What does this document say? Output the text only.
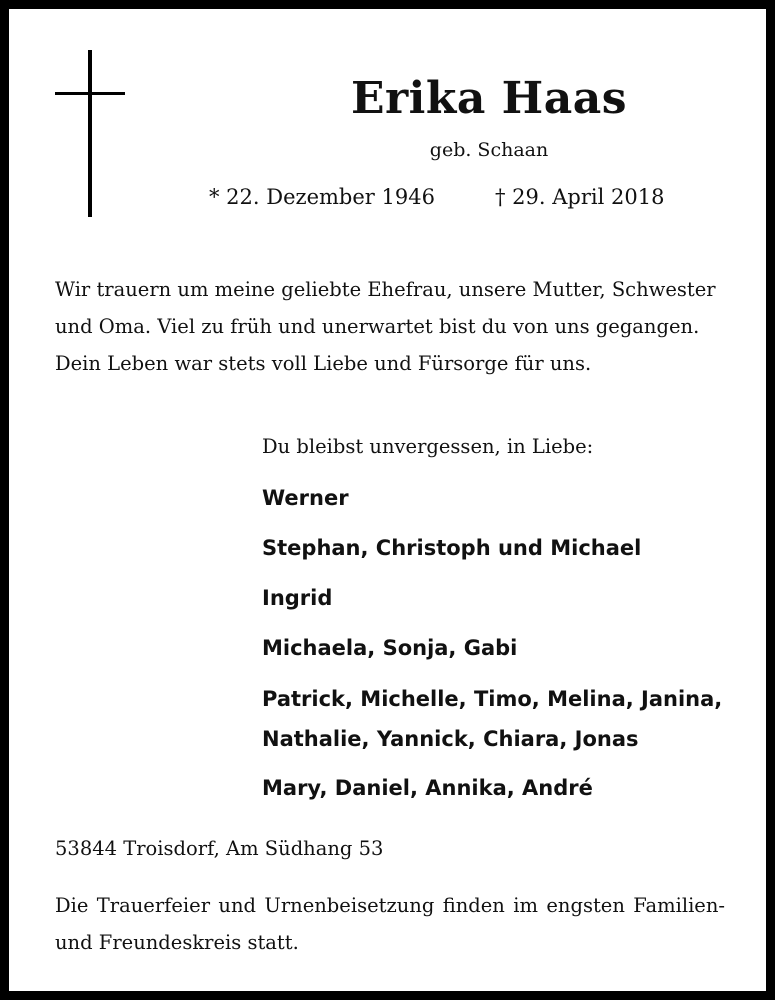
Erika Haas

geb. Schaan

* 22. Dezember 1946	† 29. April 2018

Wir trauern um meine geliebte Ehefrau, unsere Mutter, Schwester
und Oma. Viel zu früh und unerwartet bist du von uns gegangen.
Dein Leben war stets voll Liebe und Fürsorge für uns.

Du bleibst unvergessen, in Liebe:

Werner
Stephan, Christoph und Michael
Ingrid
Michaela, Sonja, Gabi
Patrick, Michelle, Timo, Melina, Janina, Nathalie, Yannick, Chiara, Jonas
Mary, Daniel, Annika, André

53844 Troisdorf, Am Südhang 53

Die Trauerfeier und Urnenbeisetzung finden im engsten Familien-
und Freundeskreis statt.
